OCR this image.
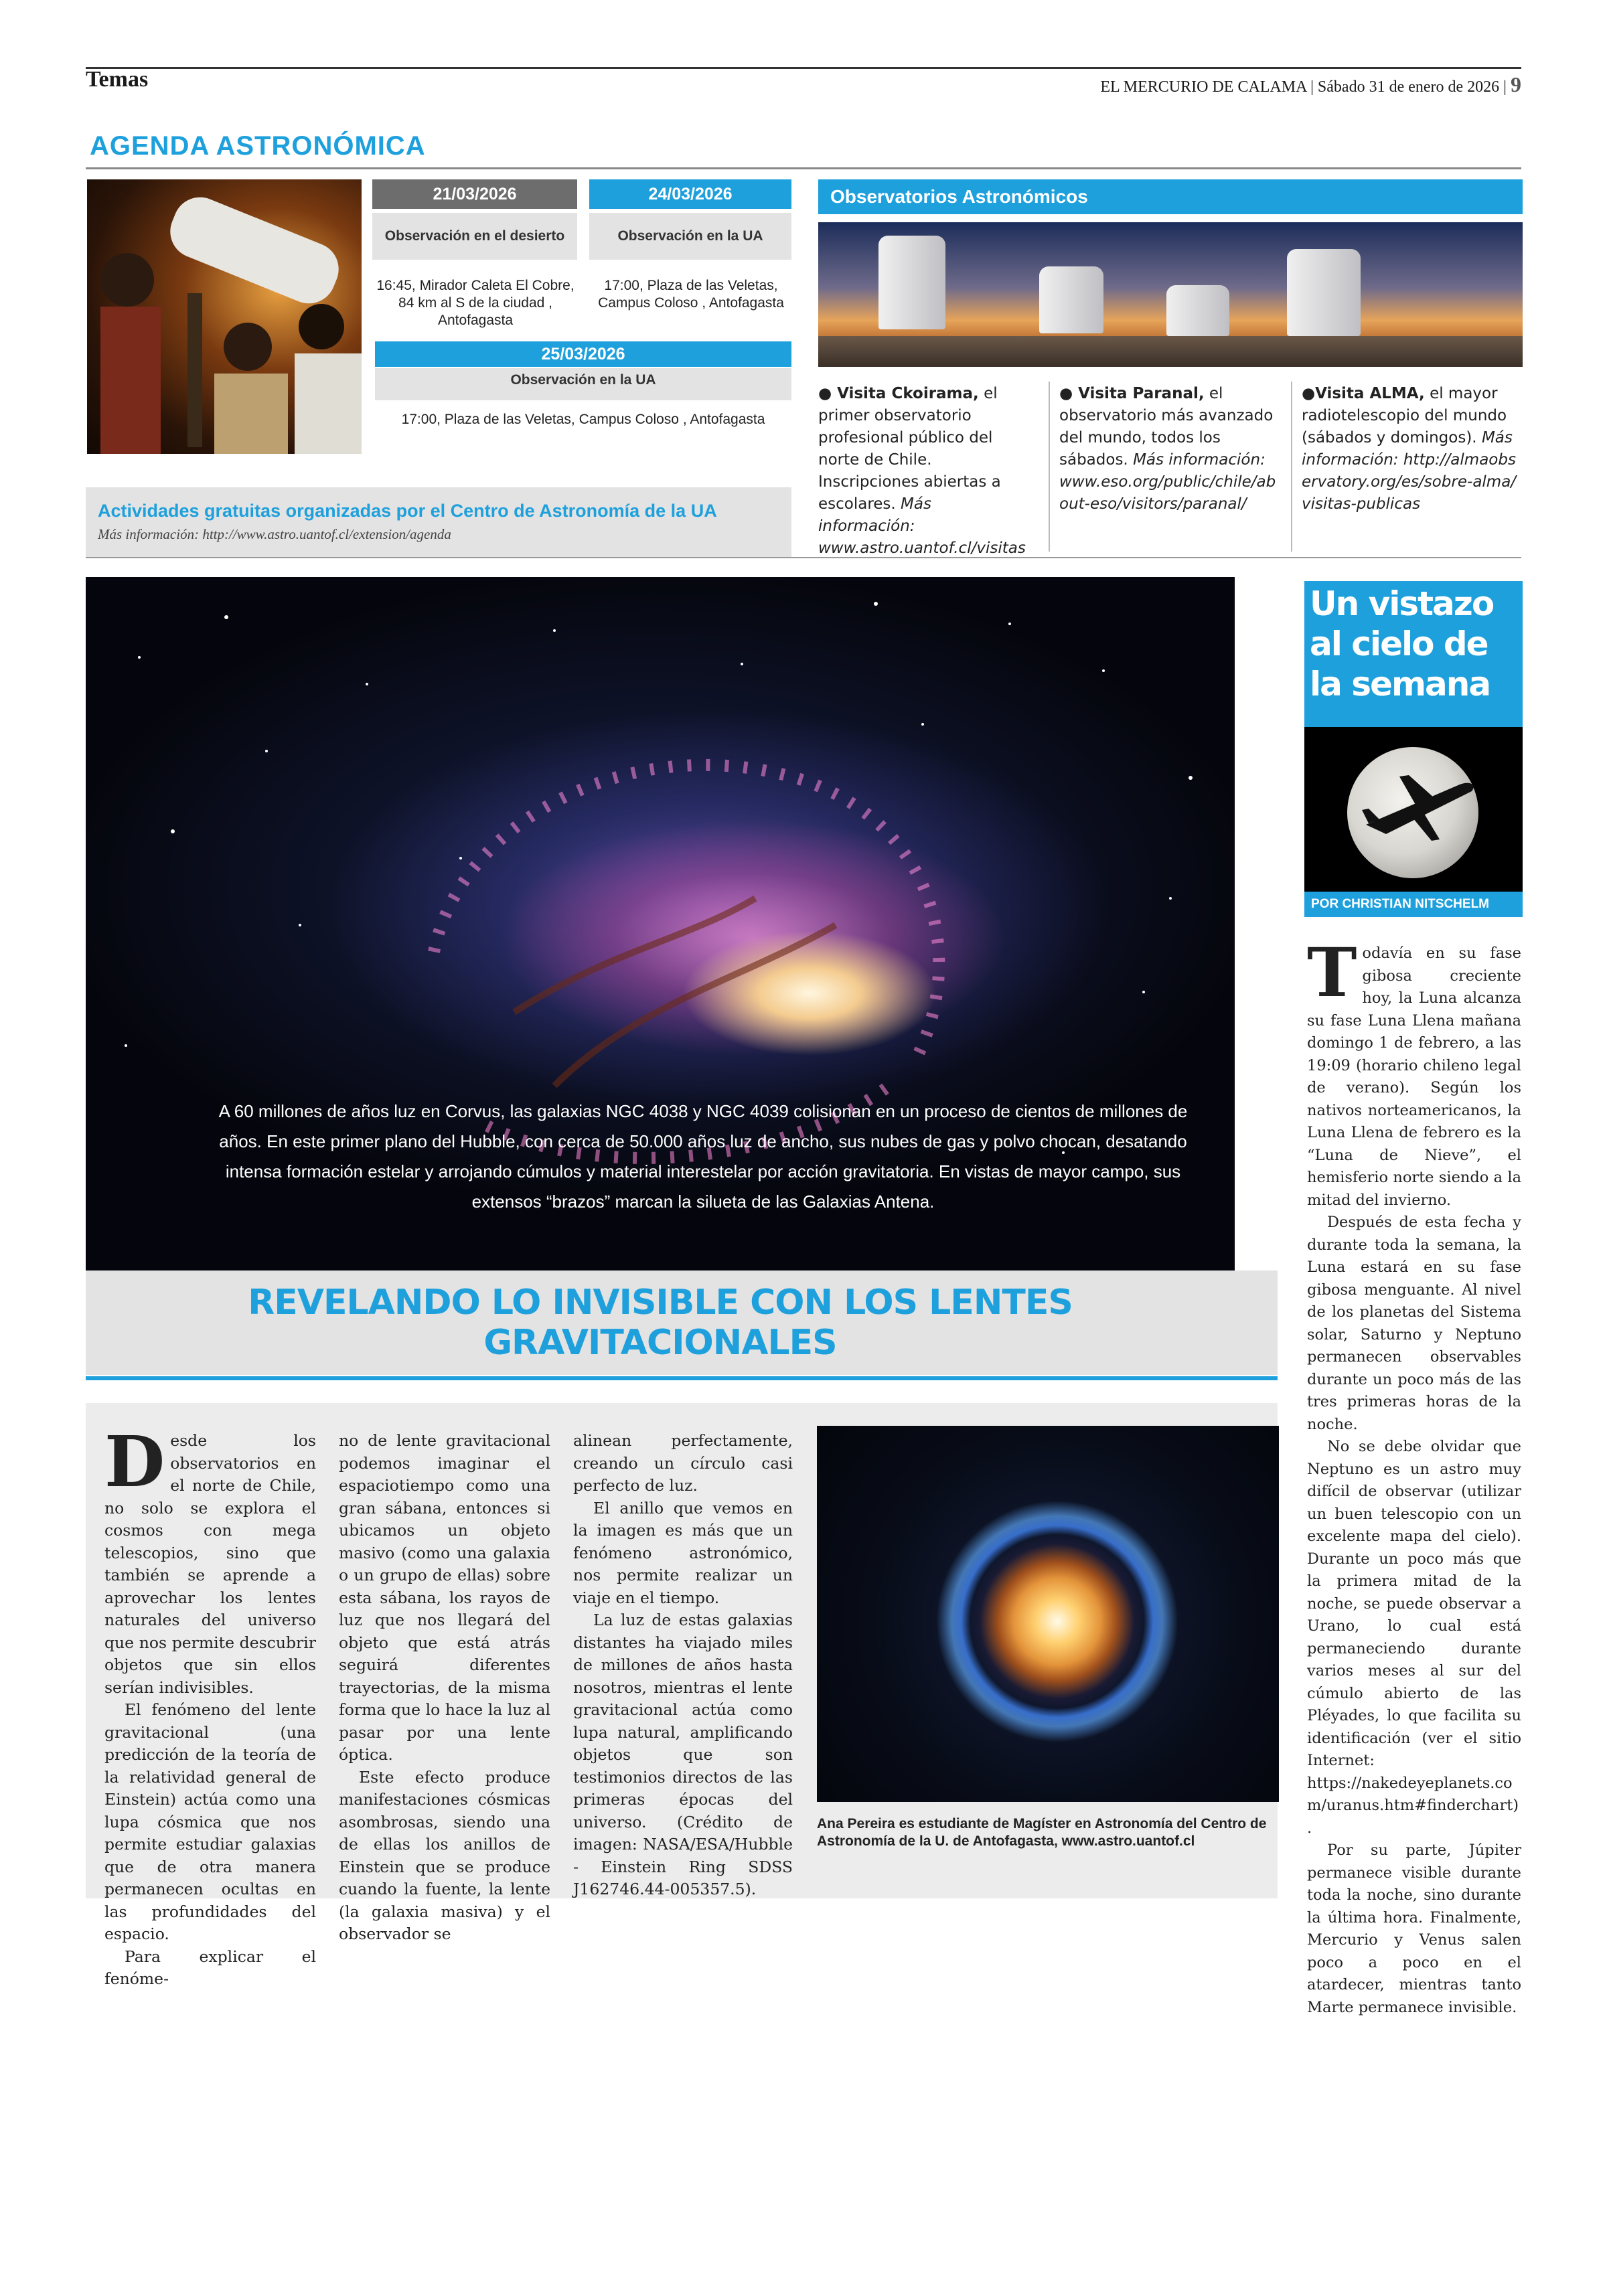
Temas	EL MERCURIO DE CALAMA | Sábado 31 de enero de 2026 | 9
AGENDA ASTRONÓMICA
21/03/2026
Observación en el desierto
16:45, Mirador Caleta El Cobre, 84 km al S de la ciudad , Antofagasta
24/03/2026
Observación en la UA
17:00, Plaza de las Veletas, Campus Coloso , Antofagasta
25/03/2026
Observación en la UA
17:00, Plaza de las Veletas, Campus Coloso , Antofagasta
Actividades gratuitas organizadas por el Centro de Astronomía de la UA
Más información: http://www.astro.uantof.cl/extension/agenda
Observatorios Astronómicos
● Visita Ckoirama, el primer observatorio profesional público del norte de Chile. Inscripciones abiertas a escolares. Más información: www.astro.uantof.cl/visitas
● Visita Paranal, el observatorio más avanzado del mundo, todos los sábados. Más información: www.eso.org/public/chile/about-eso/visitors/paranal/
●Visita ALMA, el mayor radiotelescopio del mundo (sábados y domingos). Más información: http://almaobservatory.org/es/sobre-alma/visitas-publicas
A 60 millones de años luz en Corvus, las galaxias NGC 4038 y NGC 4039 colisionan en un proceso de cientos de millones de años. En este primer plano del Hubble, con cerca de 50.000 años luz de ancho, sus nubes de gas y polvo chocan, desatando intensa formación estelar y arrojando cúmulos y material interestelar por acción gravitatoria. En vistas de mayor campo, sus extensos “brazos” marcan la silueta de las Galaxias Antena.
REVELANDO LO INVISIBLE CON LOS LENTES GRAVITACIONALES

Desde los observatorios en el norte de Chile, no solo se explora el cosmos con mega telescopios, sino que también se aprende a aprovechar los lentes naturales del universo que nos permite descubrir objetos que sin ellos serían indivisibles.

El fenómeno del lente gravitacional (una predicción de la teoría de la relatividad general de Einstein) actúa como una lupa cósmica que nos permite estudiar galaxias que de otra manera permanecen ocultas en las profundidades del espacio.

Para explicar el fenóme-

no de lente gravitacional podemos imaginar el espaciotiempo como una gran sábana, entonces si ubicamos un objeto masivo (como una galaxia o un grupo de ellas) sobre esta sábana, los rayos de luz que nos llegará del objeto que está atrás seguirá diferentes trayectorias, de la misma forma que lo hace la luz al pasar por una lente óptica.

Este efecto produce manifestaciones cósmicas asombrosas, siendo una de ellas los anillos de Einstein que se produce cuando la fuente, la lente (la galaxia masiva) y el observador se

alinean perfectamente, creando un círculo casi perfecto de luz.

El anillo que vemos en la imagen es más que un fenómeno astronómico, nos permite realizar un viaje en el tiempo.

La luz de estas galaxias distantes ha viajado miles de millones de años hasta nosotros, mientras el lente gravitacional actúa como lupa natural, amplificando objetos que son testimonios directos de las primeras épocas del universo. (Crédito de imagen: NASA/ESA/Hubble - Einstein Ring SDSS J162746.44-005357.5).

Ana Pereira es estudiante de Magíster en Astronomía del Centro de Astronomía de la U. de Antofagasta, www.astro.uantof.cl
Un vistazo al cielo de la semana
POR CHRISTIAN NITSCHELM

Todavía en su fase gibosa creciente hoy, la Luna alcanza su fase Luna Llena mañana domingo 1 de febrero, a las 19:09 (horario chileno legal de verano). Según los nativos norteamericanos, la Luna Llena de febrero es la “Luna de Nieve”, el hemisferio norte siendo a la mitad del invierno.

Después de esta fecha y durante toda la semana, la Luna estará en su fase gibosa menguante. Al nivel de los planetas del Sistema solar, Saturno y Neptuno permanecen observables durante un poco más de las tres primeras horas de la noche.

No se debe olvidar que Neptuno es un astro muy difícil de observar (utilizar un buen telescopio con un excelente mapa del cielo). Durante un poco más que la primera mitad de la noche, se puede observar a Urano, lo cual está permaneciendo durante varios meses al sur del cúmulo abierto de las Pléyades, lo que facilita su identificación (ver el sitio Internet: https://nakedeyeplanets.com/uranus.htm#finderchart).

Por su parte, Júpiter permanece visible durante toda la noche, sino durante la última hora. Finalmente, Mercurio y Venus salen poco a poco en el atardecer, mientras tanto Marte permanece invisible.
